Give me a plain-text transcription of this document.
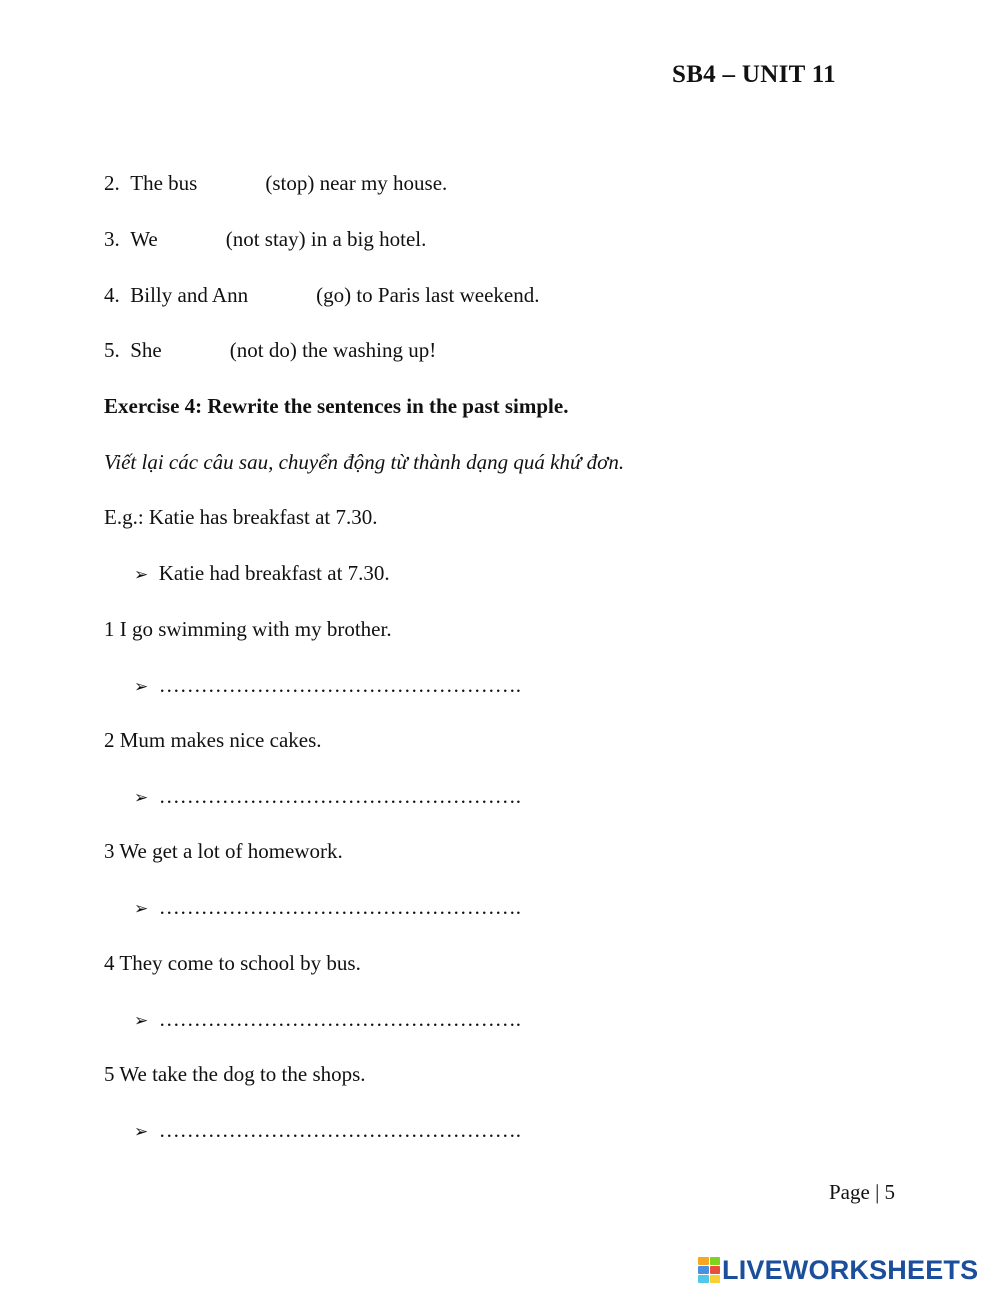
SB4 – UNIT 11
2. The bus	(stop) near my house.
3. We	(not stay) in a big hotel.
4. Billy and Ann	(go) to Paris last weekend.
5. She	(not do) the washing up!
Exercise 4: Rewrite the sentences in the past simple.
Viết lại các câu sau, chuyển động từ thành dạng quá khứ đơn.
E.g.: Katie has breakfast at 7.30.
➢ Katie had breakfast at 7.30.
1 I go swimming with my brother.
➢ …………………………………………….
2 Mum makes nice cakes.
➢ …………………………………………….
3 We get a lot of homework.
➢ …………………………………………….
4 They come to school by bus.
➢ …………………………………………….
5 We take the dog to the shops.
➢ …………………………………………….
Page | 5
LIVEWORKSHEETS
